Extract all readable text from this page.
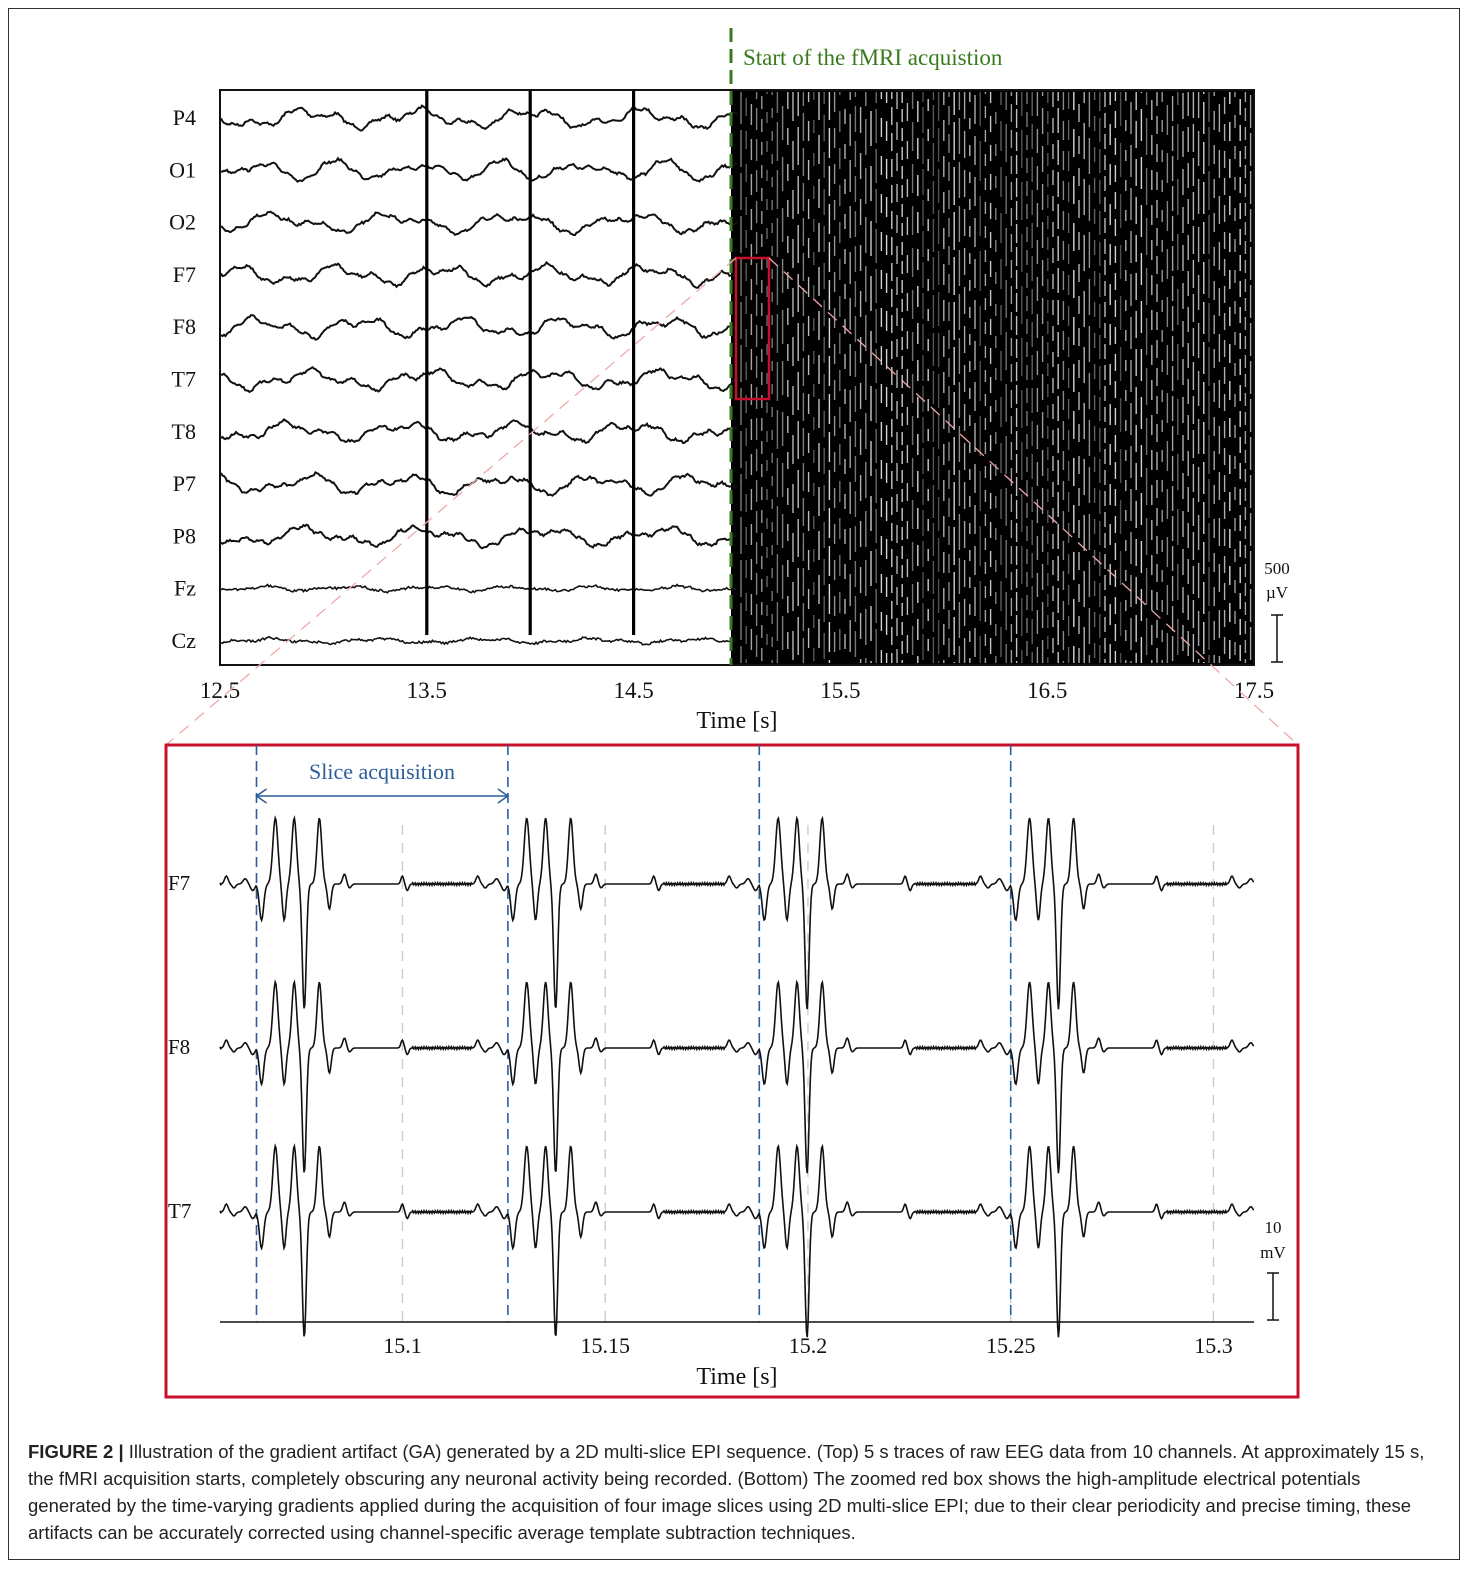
Start of the fMRI acquistion
P4
O1
O2
F7
F8
T7
T8
P7
P8
Fz
Cz
12.5	13.5	14.5	15.5	16.5	17.5
Time [s]
500
µV
Slice acquisition
F7
F8
T7
15.1	15.15	15.2	15.25	15.3
Time [s]
10
mV
FIGURE 2 | Illustration of the gradient artifact (GA) generated by a 2D multi-slice EPI sequence. (Top) 5 s traces of raw EEG data from 10 channels. At approximately 15 s, the fMRI acquisition starts, completely obscuring any neuronal activity being recorded. (Bottom) The zoomed red box shows the high-amplitude electrical potentials generated by the time-varying gradients applied during the acquisition of four image slices using 2D multi-slice EPI; due to their clear periodicity and precise timing, these artifacts can be accurately corrected using channel-specific average template subtraction techniques.
